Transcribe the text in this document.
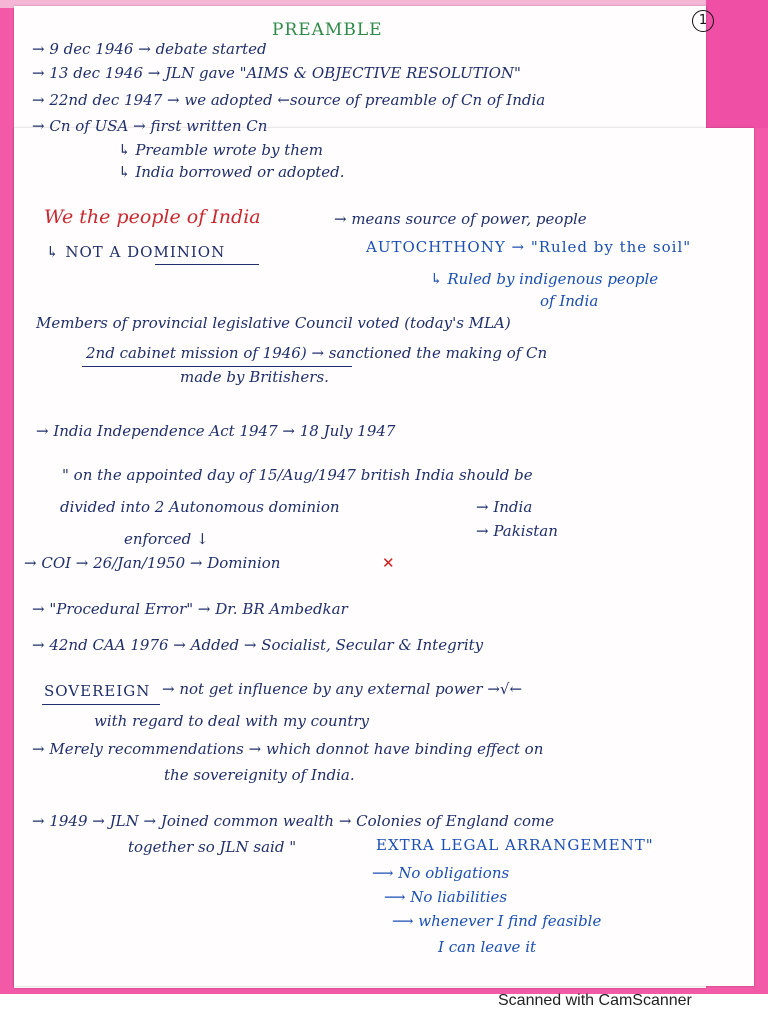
PREAMBLE	1
→ 9 dec 1946 → debate started
→ 13 dec 1946 → JLN gave "AIMS & OBJECTIVE RESOLUTION"
→ 22nd dec 1947 → we adopted ←source of preamble of Cn of India
→ Cn of USA → first written Cn
↳ Preamble wrote by them
↳ India borrowed or adopted.
We the people of India	→ means source of power, people
↳ NOT A DOMINION	AUTOCHTHONY → "Ruled by the soil"
↳ Ruled by indigenous people
of India
Members of provincial legislative Council voted (today's MLA)
2nd cabinet mission of 1946) → sanctioned the making of Cn
made by Britishers.
→ India Independence Act 1947 → 18 July 1947
" on the appointed day of 15/Aug/1947 british India should be
divided into 2 Autonomous dominion	→ India
→ Pakistan
enforced ↓
→ COI → 26/Jan/1950 → Dominion	✕
→ "Procedural Error" → Dr. BR Ambedkar
→ 42nd CAA 1976 → Added → Socialist, Secular & Integrity
SOVEREIGN → not get influence by any external power →√←
with regard to deal with my country
→ Merely recommendations → which donnot have binding effect on
the sovereignity of India.
→ 1949 → JLN → Joined common wealth → Colonies of England come
together so JLN said "	EXTRA LEGAL ARRANGEMENT"
⟶ No obligations
⟶ No liabilities
⟶ whenever I find feasible
I can leave it
Scanned with CamScanner
